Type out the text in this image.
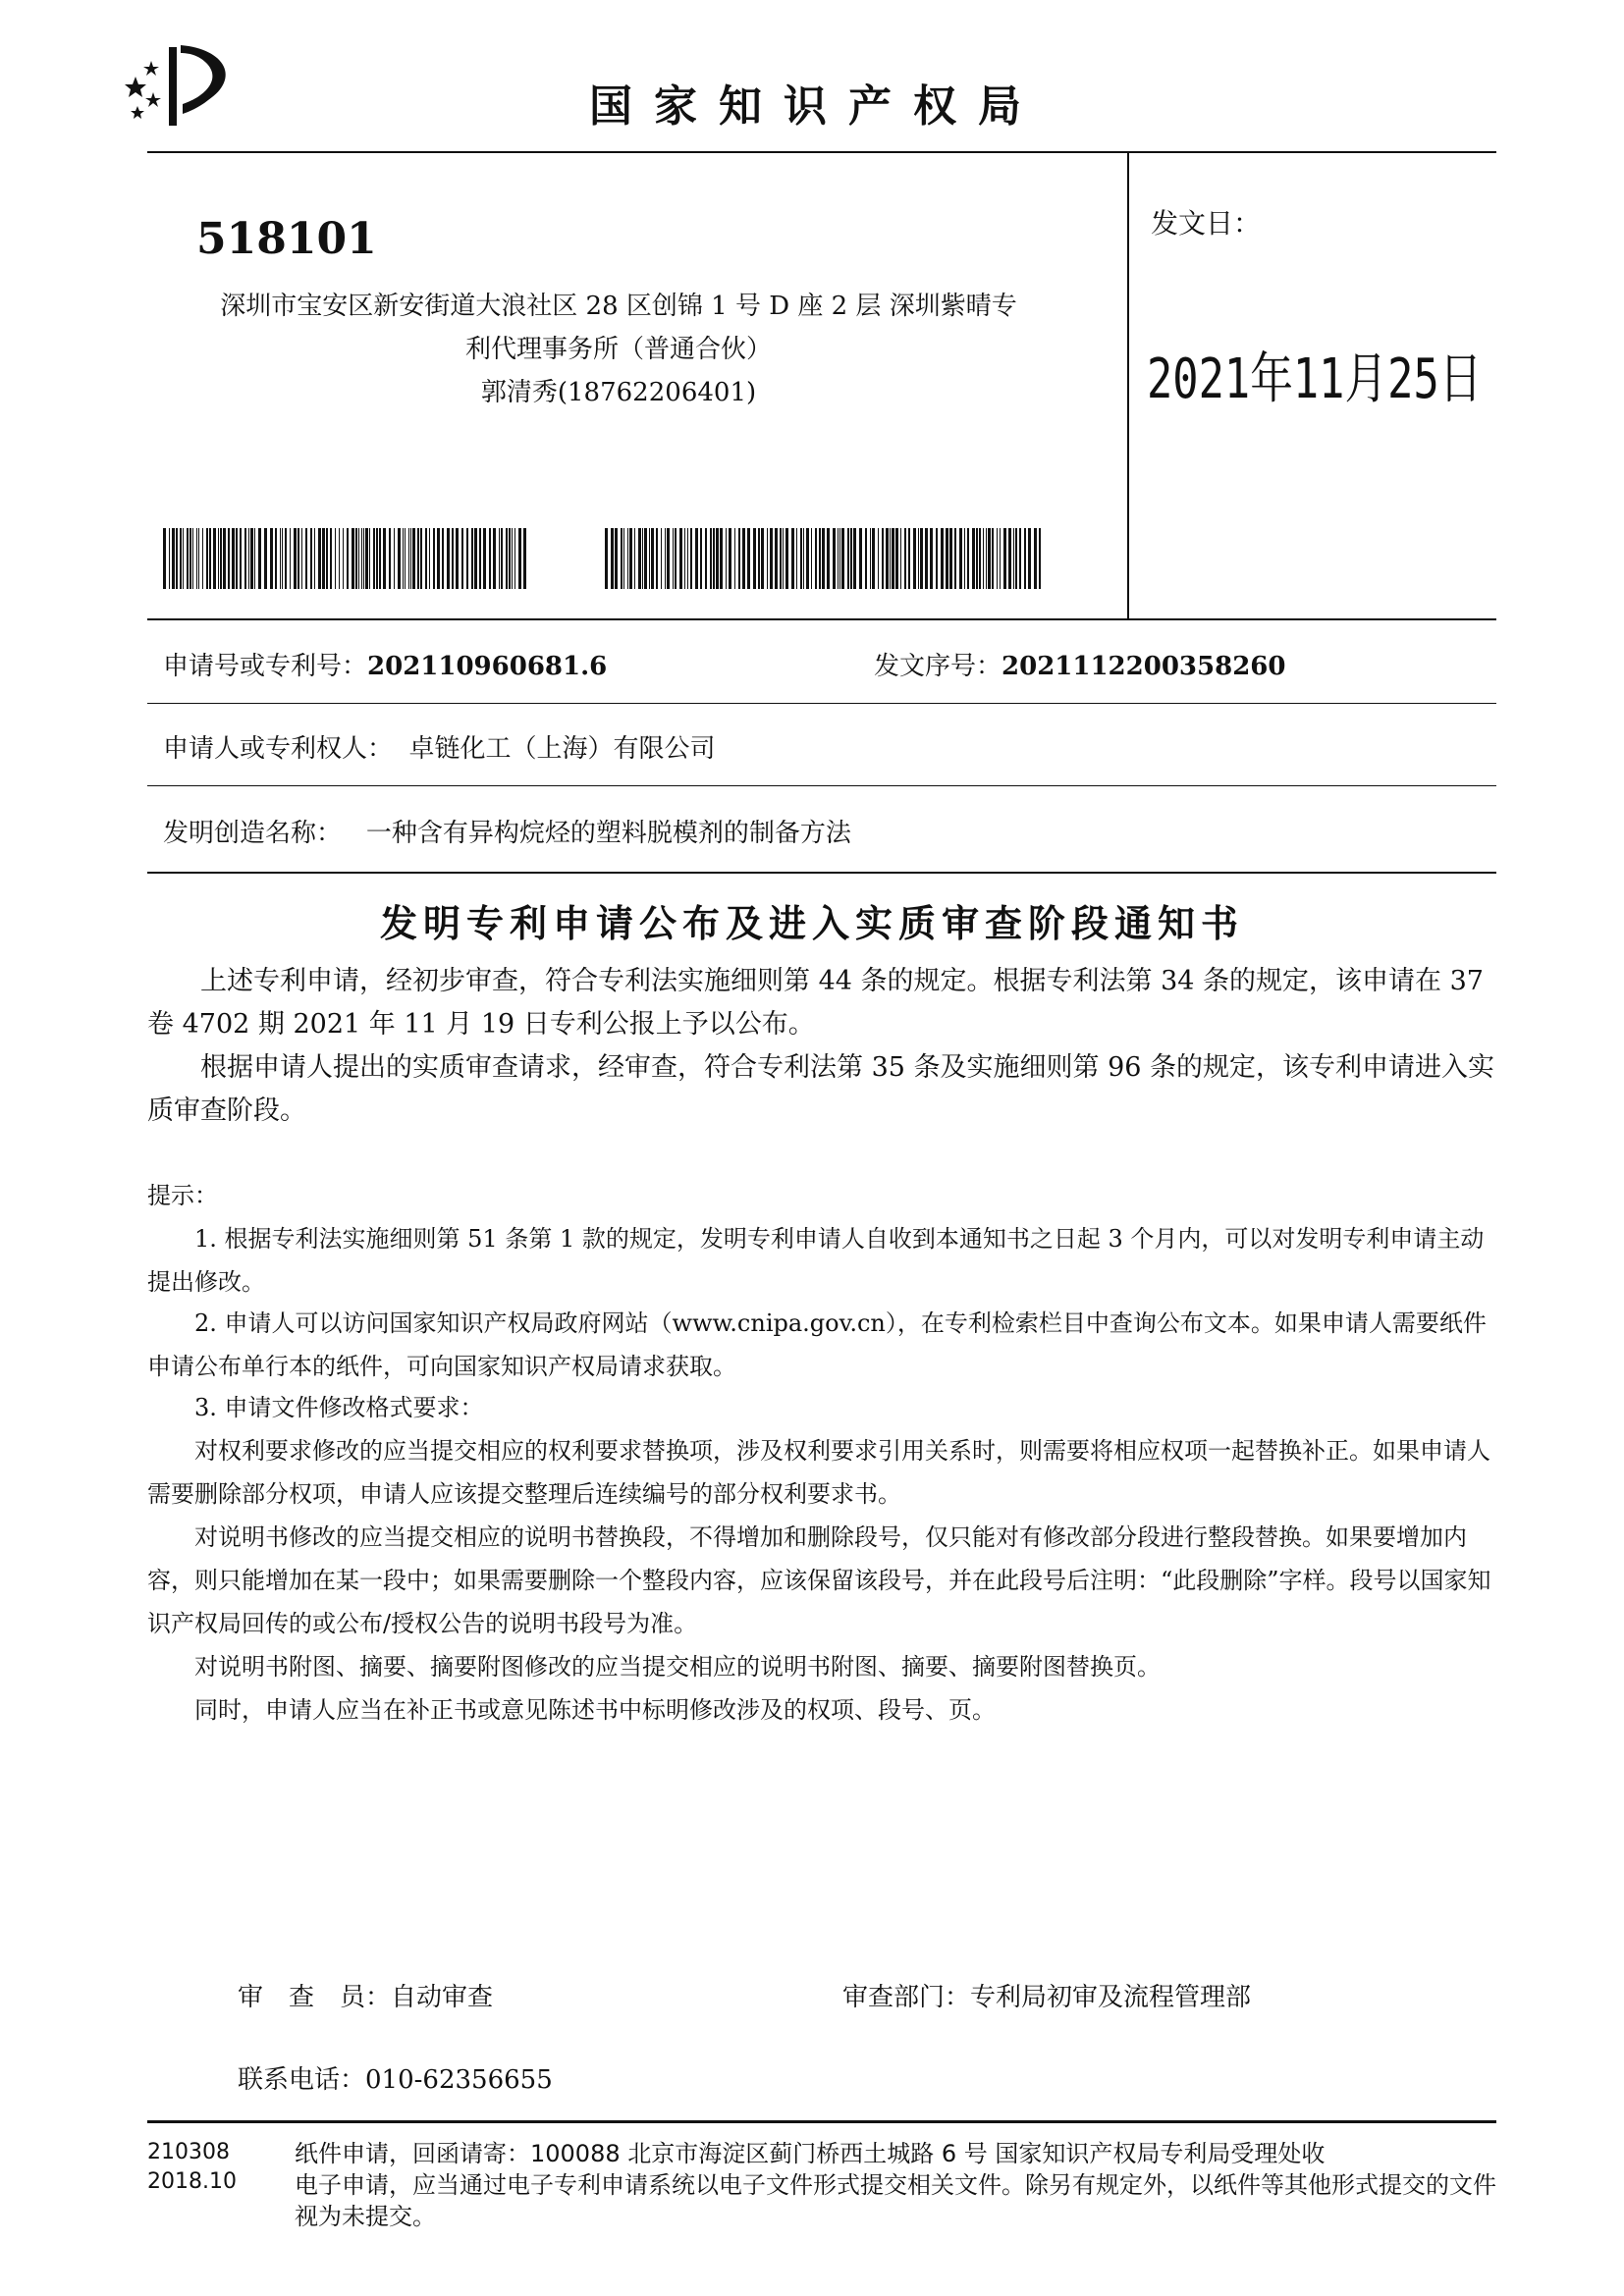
国家知识产权局
518101
深圳市宝安区新安街道大浪社区 28 区创锦 1 号 D 座 2 层 深圳紫晴专
利代理事务所（普通合伙）
郭清秀(18762206401)
发文日：
2021年11月25日
申请号或专利号：202110960681.6	发文序号：2021112200358260
申请人或专利权人： 卓链化工（上海）有限公司
发明创造名称： 一种含有异构烷烃的塑料脱模剂的制备方法
发明专利申请公布及进入实质审查阶段通知书
上述专利申请，经初步审查，符合专利法实施细则第 44 条的规定。根据专利法第 34 条的规定，该申请在 37 卷 4702 期 2021 年 11 月 19 日专利公报上予以公布。
根据申请人提出的实质审查请求，经审查，符合专利法第 35 条及实施细则第 96 条的规定，该专利申请进入实质审查阶段。
提示：
1. 根据专利法实施细则第 51 条第 1 款的规定，发明专利申请人自收到本通知书之日起 3 个月内，可以对发明专利申请主动提出修改。
2. 申请人可以访问国家知识产权局政府网站（www.cnipa.gov.cn），在专利检索栏目中查询公布文本。如果申请人需要纸件申请公布单行本的纸件，可向国家知识产权局请求获取。
3. 申请文件修改格式要求：
对权利要求修改的应当提交相应的权利要求替换项，涉及权利要求引用关系时，则需要将相应权项一起替换补正。如果申请人需要删除部分权项，申请人应该提交整理后连续编号的部分权利要求书。
对说明书修改的应当提交相应的说明书替换段，不得增加和删除段号，仅只能对有修改部分段进行整段替换。如果要增加内容，则只能增加在某一段中；如果需要删除一个整段内容，应该保留该段号，并在此段号后注明：“此段删除”字样。段号以国家知识产权局回传的或公布/授权公告的说明书段号为准。
对说明书附图、摘要、摘要附图修改的应当提交相应的说明书附图、摘要、摘要附图替换页。
同时，申请人应当在补正书或意见陈述书中标明修改涉及的权项、段号、页。
审　查　员：自动审查	审查部门：专利局初审及流程管理部
联系电话：010-62356655
210308
2018.10
纸件申请，回函请寄：100088 北京市海淀区蓟门桥西土城路 6 号 国家知识产权局专利局受理处收
电子申请，应当通过电子专利申请系统以电子文件形式提交相关文件。除另有规定外，以纸件等其他形式提交的文件视为未提交。
